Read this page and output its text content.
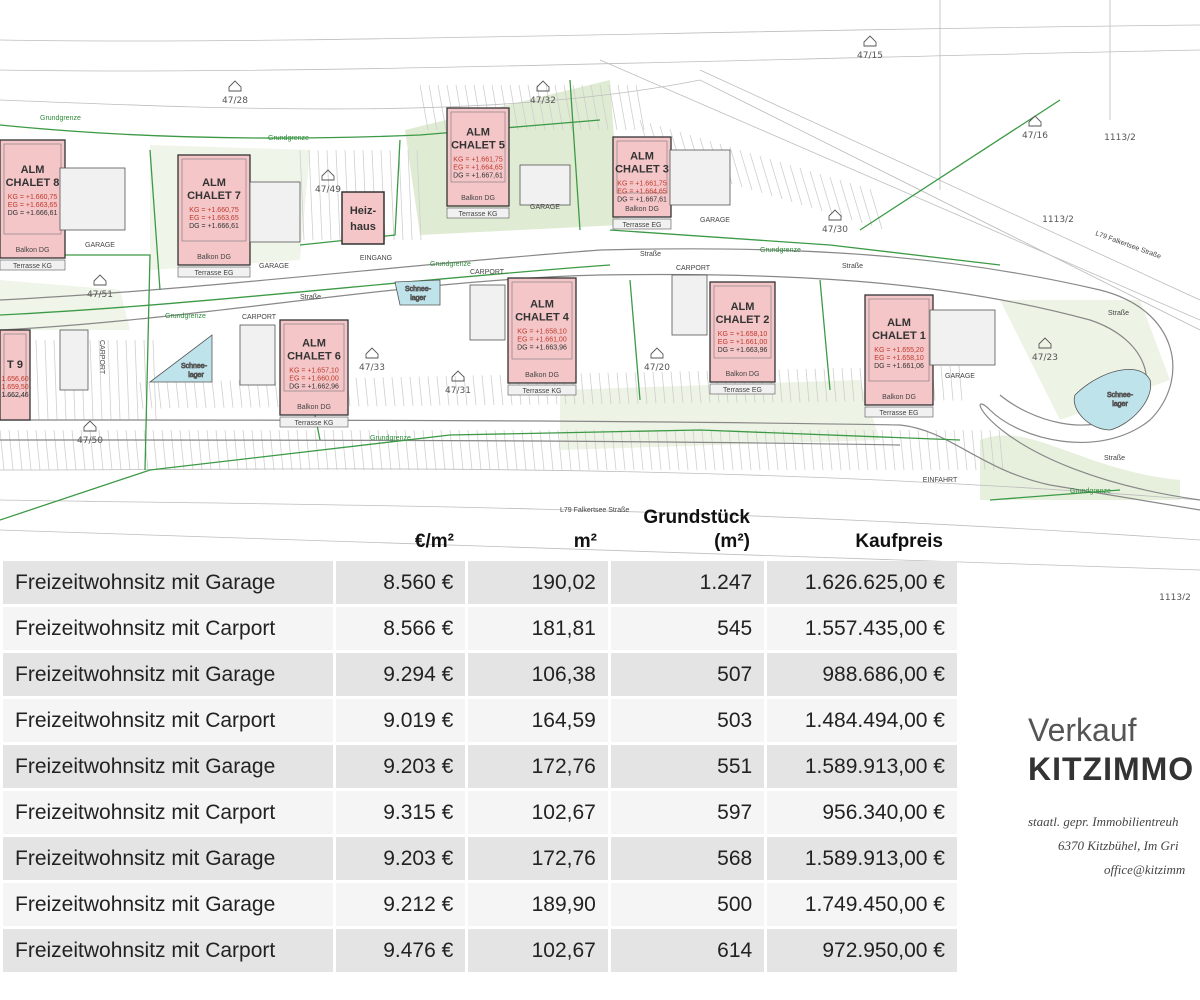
47/28	47/32
47/16
47/15
47/49
47/30
47/51
47/33
47/31
47/20
47/23
47/50
1113/2
1113/2
1113/2
ALM
CHALET 8
KG = +1.660,75
EG = +1.663,65
DG = +1.666,61
Balkon DG
Terrasse KG
ALM
CHALET 7
KG = +1.660,75
EG = +1.663,65
DG = +1.666,61
Balkon DG
Terrasse EG
ALM
CHALET 5
KG = +1.661,75
EG = +1.664,65
DG = +1.667,61
Balkon DG
Terrasse KG
ALM
CHALET 3
KG = +1.661,75
EG = +1.664,65
DG = +1.667,61
Balkon DG
Terrasse EG
ALM
CHALET 4
KG = +1.658,10
EG = +1.661,00
DG = +1.663,96
Balkon DG
Terrasse KG
ALM
CHALET 2
KG = +1.658,10
EG = +1.661,00
DG = +1.663,96
Balkon DG
Terrasse EG
ALM
CHALET 6
KG = +1.657,10
EG = +1.660,00
DG = +1.662,96
Balkon DG
Terrasse KG
ALM
CHALET 1
KG = +1.655,20
EG = +1.658,10
DG = +1.661,06
Balkon DG
Terrasse EG
T 9
1.656,60
1.659,50
1.662,46
Heiz-
haus
EINGANG
Schnee-
lager
Schnee-
lager
Schnee-
lager
GARAGE
GARAGE
GARAGE
GARAGE
GARAGE
CARPORT
CARPORT
CARPORT
CARPORT
EINFAHRT
Straße
Straße
Straße
Straße
Straße
Grundgrenze
Grundgrenze
Grundgrenze
Grundgrenze
Grundgrenze
Grundgrenze
Grundgrenze
L79 Falkertsee Straße
L79 Falkertsee Straße
€/m²	m²
Grundstück
(m²)	Kaufpreis
Freizeitwohnsitz mit Garage	8.560 €	190,02	1.247	1.626.625,00 €
Freizeitwohnsitz mit Carport	8.566 €	181,81	545	1.557.435,00 €
Freizeitwohnsitz mit Garage	9.294 €	106,38	507	988.686,00 €
Freizeitwohnsitz mit Carport	9.019 €	164,59	503	1.484.494,00 €
Freizeitwohnsitz mit Garage	9.203 €	172,76	551	1.589.913,00 €
Freizeitwohnsitz mit Carport	9.315 €	102,67	597	956.340,00 €
Freizeitwohnsitz mit Garage	9.203 €	172,76	568	1.589.913,00 €
Freizeitwohnsitz mit Garage	9.212 €	189,90	500	1.749.450,00 €
Freizeitwohnsitz mit Carport	9.476 €	102,67	614	972.950,00 €
Verkauf
KITZIMMO
staatl. gepr. Immobilientreuh
6370 Kitzbühel, Im Gri
office@kitzimm
